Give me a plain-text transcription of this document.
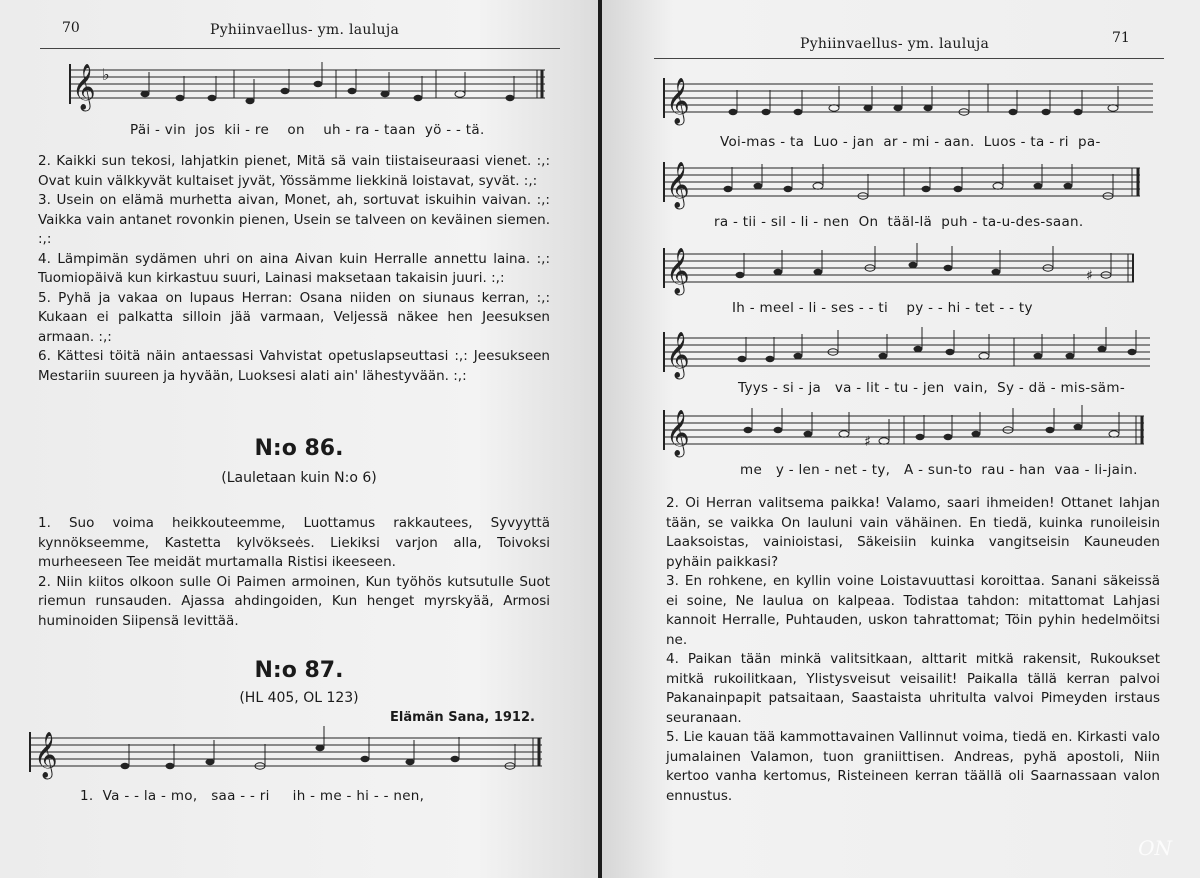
70	Pyhiinvaellus- ym. lauluja
𝄞 ♭
Päi - vin  jos  kii - re    on    uh - ra - taan  yö - - tä.

2. Kaikki sun tekosi, lahjatkin pienet, Mitä sä vain tiistaiseuraasi vienet. :,: Ovat kuin välkkyvät kultaiset jyvät, Yössämme liekkinä loistavat, syvät. :,:

3. Usein on elämä murhetta aivan, Monet, ah, sortuvat iskuihin vaivan. :,: Vaikka vain antanet rovonkin pienen, Usein se talveen on keväinen siemen. :,:

4. Lämpimän sydämen uhri on aina Aivan kuin Herralle annettu laina. :,: Tuomiopäivä kun kirkastuu suuri, Lainasi maksetaan takaisin juuri. :,:

5. Pyhä ja vakaa on lupaus Herran: Osana niiden on siunaus kerran, :,: Kukaan ei palkatta silloin jää varmaan, Veljessä näkee hen Jeesuksen armaan. :,:

6. Kättesi töitä näin antaessasi Vahvistat opetuslapseuttasi :,: Jeesukseen Mestariin suureen ja hyvään, Luoksesi alati ain' lähestyvään. :,:

N:o 86.
(Lauletaan kuin N:o 6)

1. Suo voima heikkouteemme, Luottamus rakkautees, Syvyyttä kynnökseemme, Kastetta kylvökseės. Liekiksi varjon alla, Toivoksi murheeseen Tee meidät murtamalla Ristisi ikeeseen.

2. Niin kiitos olkoon sulle Oi Paimen armoinen, Kun työhös kutsutulle Suot riemun runsauden. Ajassa ahdingoiden, Kun henget myrskyää, Armosi huminoiden Siipensä levittää.

N:o 87.
(HL 405, OL 123)
Elämän Sana, 1912.
𝄞
1.  Va - - la - mo,   saa - - ri     ih - me - hi - - nen,
Pyhiinvaellus- ym. lauluja	71
𝄞
Voi-mas - ta  Luo - jan  ar - mi - aan.  Luos - ta - ri  pa-
𝄞
ra - tii - sil - li - nen  On  tääl-lä  puh - ta-u-des-saan.
𝄞	♯
Ih - meel - li - ses - - ti    py - - hi - tet - - ty
𝄞
Tyys - si - ja   va - lit - tu - jen  vain,  Sy - dä - mis-säm-
𝄞	♯
me   y - len - net - ty,   A - sun-to  rau - han  vaa - li-jain.

2. Oi Herran valitsema paikka! Valamo, saari ihmeiden! Ottanet lahjan tään, se vaikka On lauluni vain vähäinen. En tiedä, kuinka runoileisin Laaksoistas, vainioistasi, Säkeisiin kuinka vangitseisin Kauneuden pyhäin paikkasi?

3. En rohkene, en kyllin voine Loistavuuttasi koroittaa. Sanani säkeissä ei soine, Ne laulua on kalpeaa. Todistaa tahdon: mitattomat Lahjasi kannoit Herralle, Puhtauden, uskon tahrattomat; Töin pyhin hedelmöitsi ne.

4. Paikan tään minkä valitsitkaan, alttarit mitkä rakensit, Rukoukset mitkä rukoilitkaan, Ylistysveisut veisailit! Paikalla tällä kerran palvoi Pakanainpapit patsaitaan, Saastaista uhritulta valvoi Pimeyden irstaus seuranaan.

5. Lie kauan tää kammottavainen Vallinnut voima, tiedä en. Kirkasti valo jumalainen Valamon, tuon graniittisen. Andreas, pyhä apostoli, Niin kertoo vanha kertomus, Risteineen kerran täällä oli Saarnassaan valon ennustus.

ON
